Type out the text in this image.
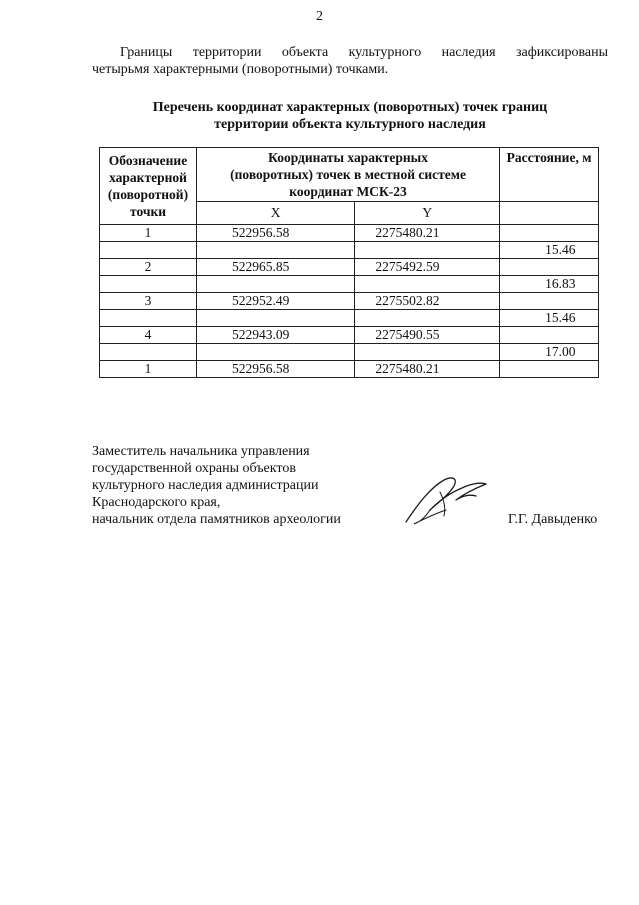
2
Границы территории объекта культурного наследия зафиксированы
четырьмя характерными (поворотными) точками.
Перечень координат характерных (поворотных) точек границ
территории объекта культурного наследия
Обозначение
характерной
(поворотной)
точки	Координаты характерных
(поворотных) точек в местной системе
координат МСК-23		Расстояние, м
	X	Y	
1	522956.58	2275480.21	
			15.46
2	522965.85	2275492.59	
			16.83
3	522952.49	2275502.82	
			15.46
4	522943.09	2275490.55	
			17.00
1	522956.58	2275480.21	
Заместитель начальника управления
государственной охраны объектов
культурного наследия администрации
Краснодарского края,
начальник отдела памятников археологии	Г.Г. Давыденко
